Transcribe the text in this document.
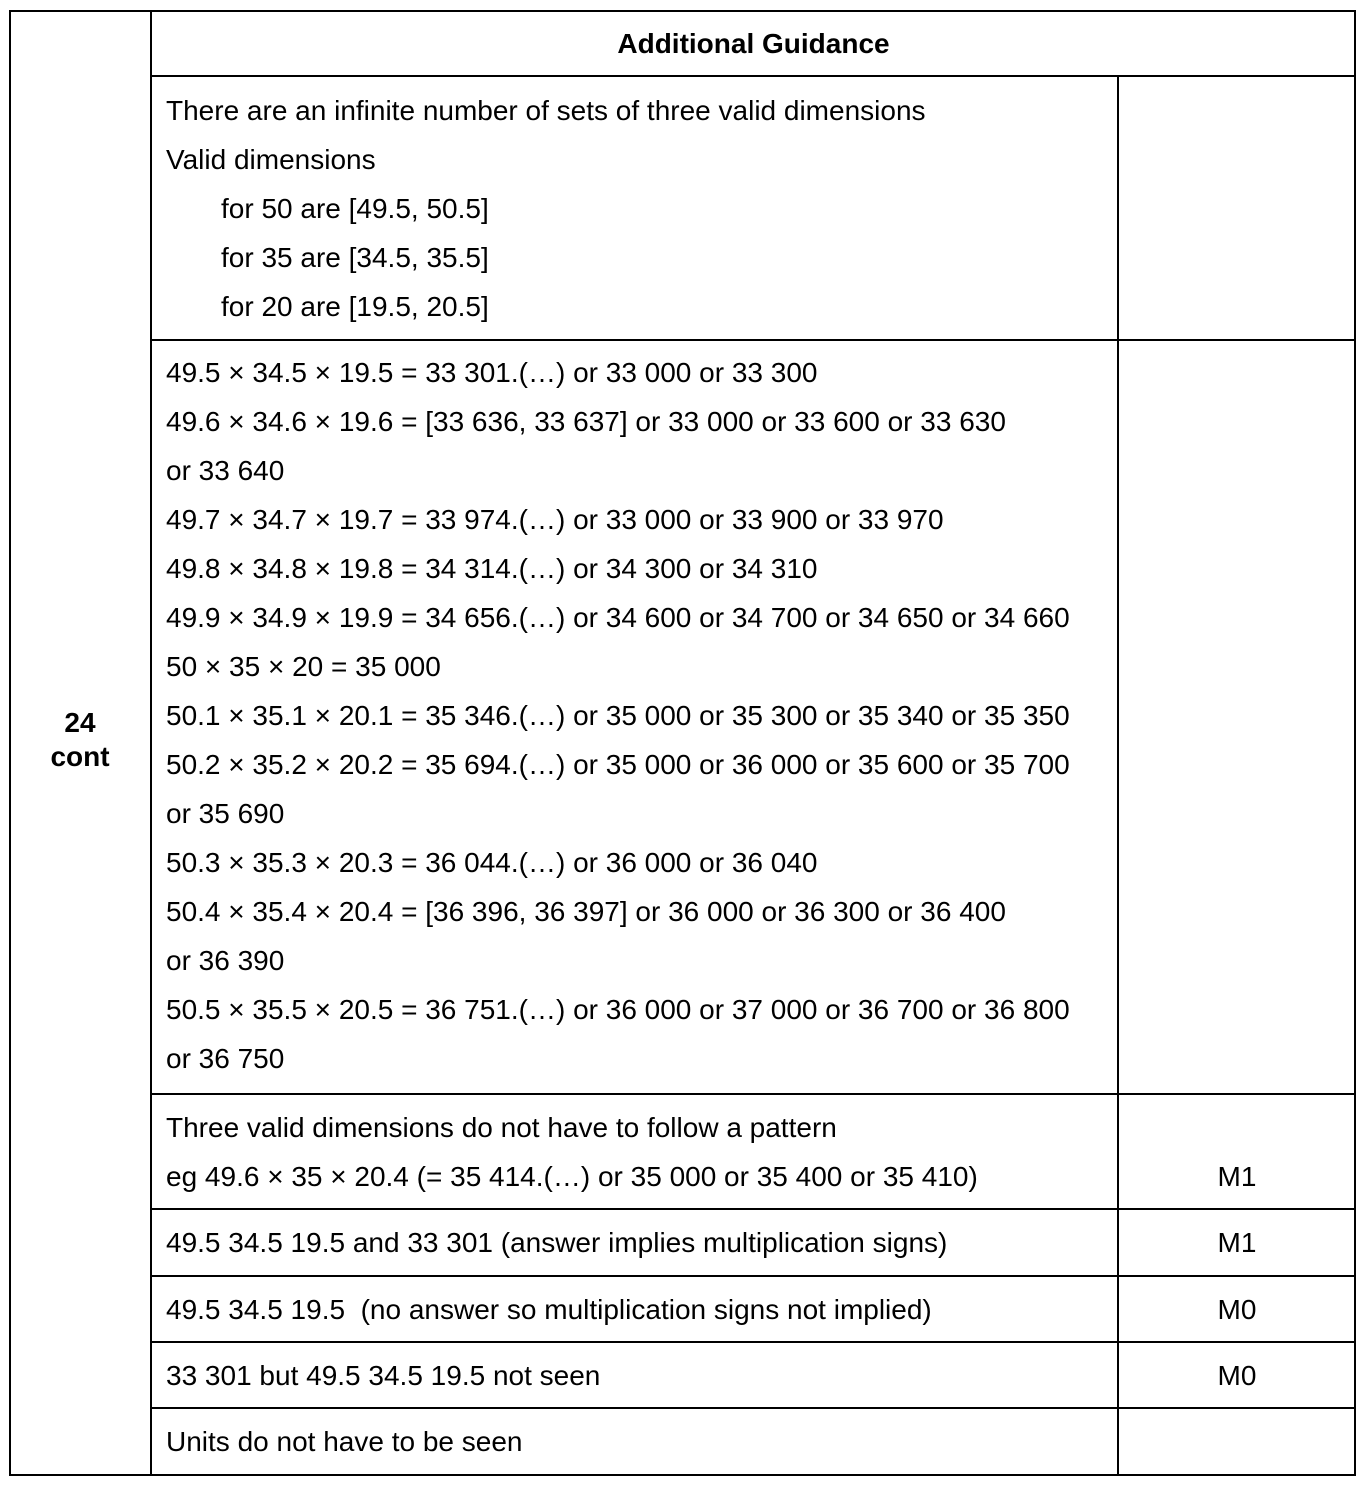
24
cont
Additional Guidance
There are an infinite number of sets of three valid dimensions
Valid dimensions
for 50 are [49.5, 50.5]
for 35 are [34.5, 35.5]
for 20 are [19.5, 20.5]
49.5 × 34.5 × 19.5 = 33 301.(…) or 33 000 or 33 300
49.6 × 34.6 × 19.6 = [33 636, 33 637] or 33 000 or 33 600 or 33 630
or 33 640
49.7 × 34.7 × 19.7 = 33 974.(…) or 33 000 or 33 900 or 33 970
49.8 × 34.8 × 19.8 = 34 314.(…) or 34 300 or 34 310
49.9 × 34.9 × 19.9 = 34 656.(…) or 34 600 or 34 700 or 34 650 or 34 660
50 × 35 × 20 = 35 000
50.1 × 35.1 × 20.1 = 35 346.(…) or 35 000 or 35 300 or 35 340 or 35 350
50.2 × 35.2 × 20.2 = 35 694.(…) or 35 000 or 36 000 or 35 600 or 35 700
or 35 690
50.3 × 35.3 × 20.3 = 36 044.(…) or 36 000 or 36 040
50.4 × 35.4 × 20.4 = [36 396, 36 397] or 36 000 or 36 300 or 36 400
or 36 390
50.5 × 35.5 × 20.5 = 36 751.(…) or 36 000 or 37 000 or 36 700 or 36 800
or 36 750
Three valid dimensions do not have to follow a pattern
eg 49.6 × 35 × 20.4 (= 35 414.(…) or 35 000 or 35 400 or 35 410)	M1
49.5 34.5 19.5 and 33 301 (answer implies multiplication signs)	M1
49.5 34.5 19.5  (no answer so multiplication signs not implied)	M0
33 301 but 49.5 34.5 19.5 not seen	M0
Units do not have to be seen
